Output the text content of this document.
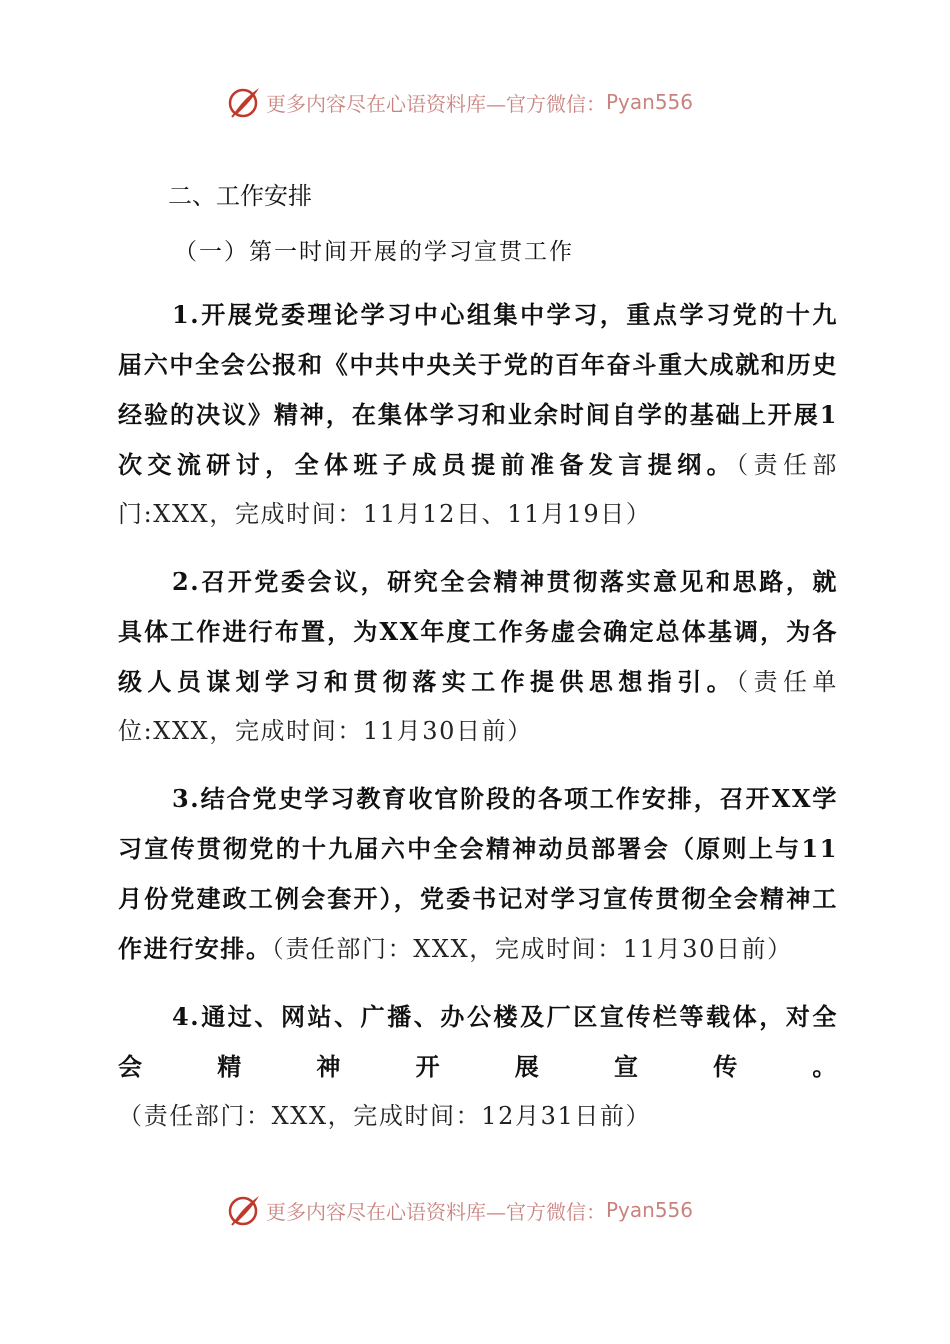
更多内容尽在心语资料库—官方微信： Pyan556
二、工作安排
（一）第一时间开展的学习宣贯工作

1.开展党委理论学习中心组集中学习，重点学习党的十九届六中全会公报和《中共中央关于党的百年奋斗重大成就和历史经验的决议》精神，在集体学习和业余时间自学的基础上开展1次交流研讨，全体班子成员提前准备发言提纲。（责任部门:XXX，完成时间：11月12日、11月19日）

2.召开党委会议，研究全会精神贯彻落实意见和思路，就具体工作进行布置，为XX年度工作务虚会确定总体基调，为各级人员谋划学习和贯彻落实工作提供思想指引。（责任单位:XXX，完成时间：11月30日前）

3.结合党史学习教育收官阶段的各项工作安排，召开XX学习宣传贯彻党的十九届六中全会精神动员部署会（原则上与11月份党建政工例会套开），党委书记对学习宣传贯彻全会精神工作进行安排。（责任部门：XXX，完成时间：11月30日前）

4.通过、网站、广播、办公楼及厂区宣传栏等载体，对全会精神开展宣传。（责任部门：XXX，完成时间：12月31日前）

更多内容尽在心语资料库—官方微信： Pyan556
